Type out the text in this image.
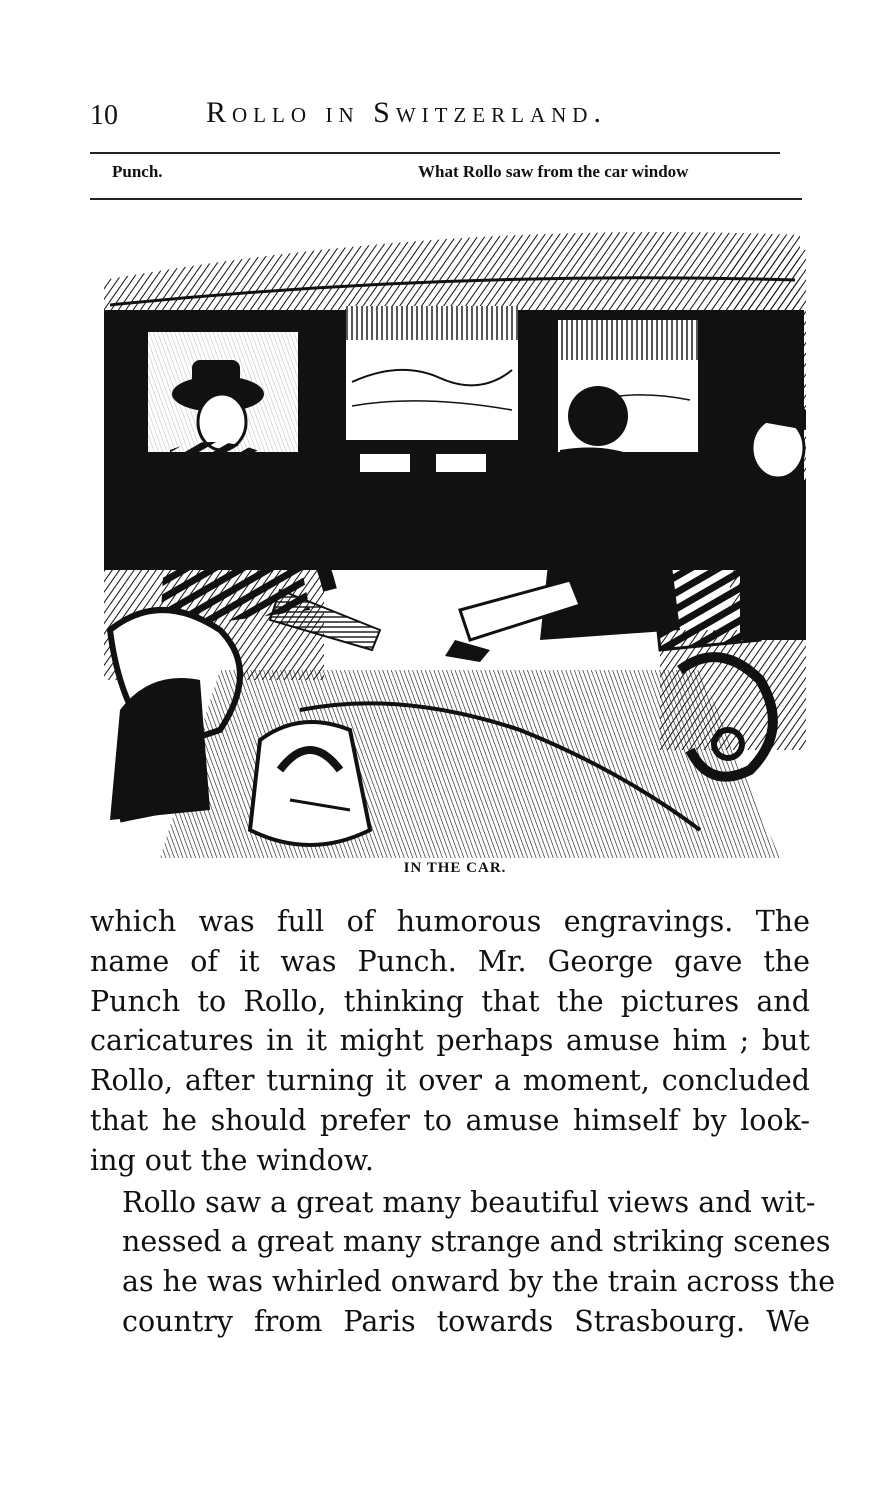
10	Rollo in Switzerland.
Punch.	What Rollo saw from the car window
IN THE CAR.

which was full of humorous engravings. The
name of it was Punch. Mr. George gave the
Punch to Rollo, thinking that the pictures and
caricatures in it might perhaps amuse him ; but
Rollo, after turning it over a moment, concluded
that he should prefer to amuse himself by look-
ing out the window.

Rollo saw a great many beautiful views and wit-
nessed a great many strange and striking scenes
as he was whirled onward by the train across the
country from Paris towards Strasbourg. We
